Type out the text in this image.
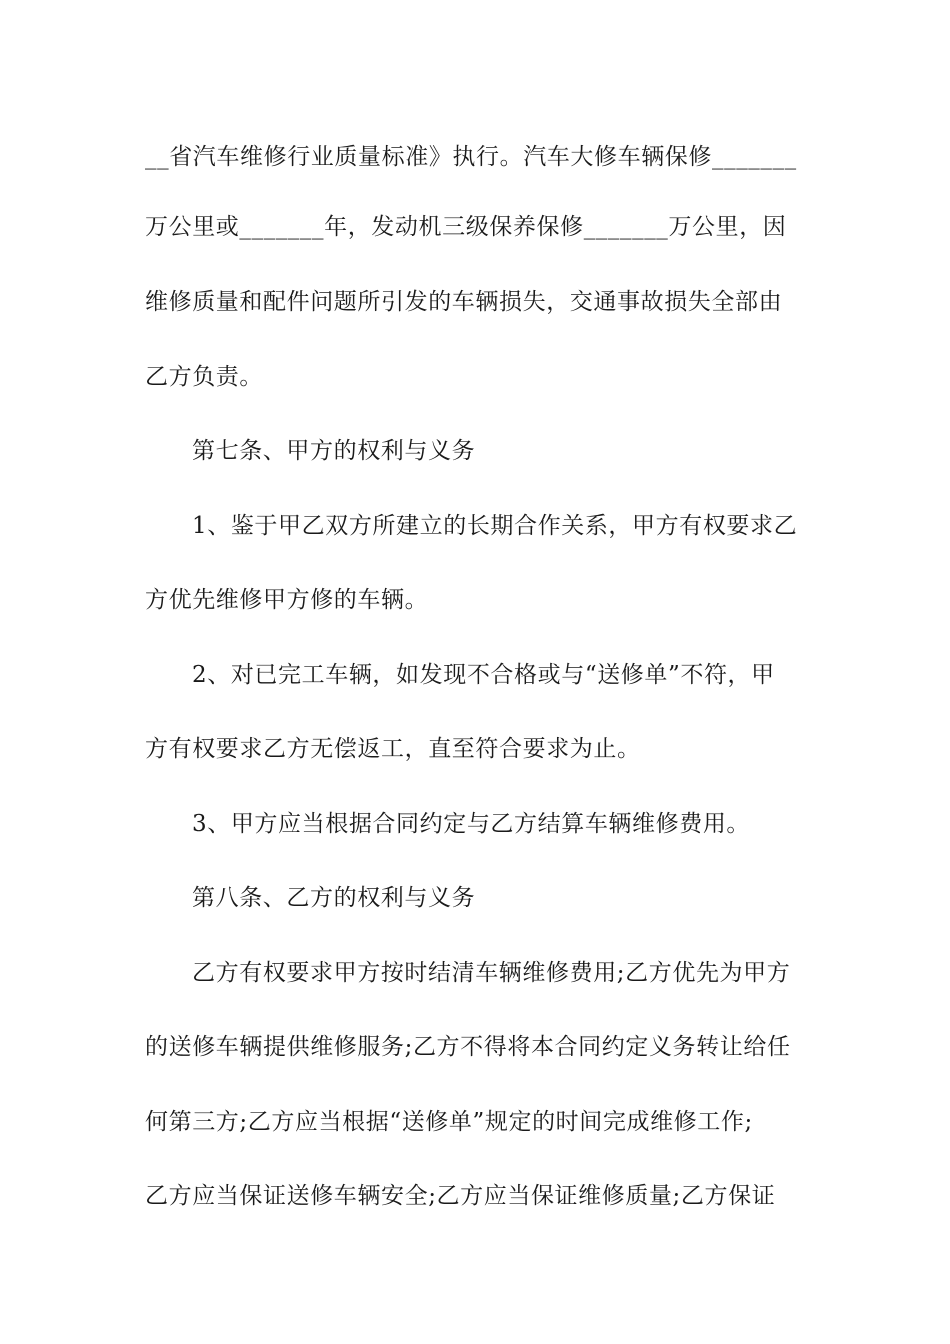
__省汽车维修行业质量标准》执行。汽车大修车辆保修_______

万公里或_______年，发动机三级保养保修_______万公里，因

维修质量和配件问题所引发的车辆损失，交通事故损失全部由

乙方负责。

第七条、甲方的权利与义务

1、鉴于甲乙双方所建立的长期合作关系，甲方有权要求乙

方优先维修甲方修的车辆。

2、对已完工车辆，如发现不合格或与“送修单”不符，甲

方有权要求乙方无偿返工，直至符合要求为止。

3、甲方应当根据合同约定与乙方结算车辆维修费用。

第八条、乙方的权利与义务

乙方有权要求甲方按时结清车辆维修费用;乙方优先为甲方

的送修车辆提供维修服务;乙方不得将本合同约定义务转让给任

何第三方;乙方应当根据“送修单”规定的时间完成维修工作;

乙方应当保证送修车辆安全;乙方应当保证维修质量;乙方保证
